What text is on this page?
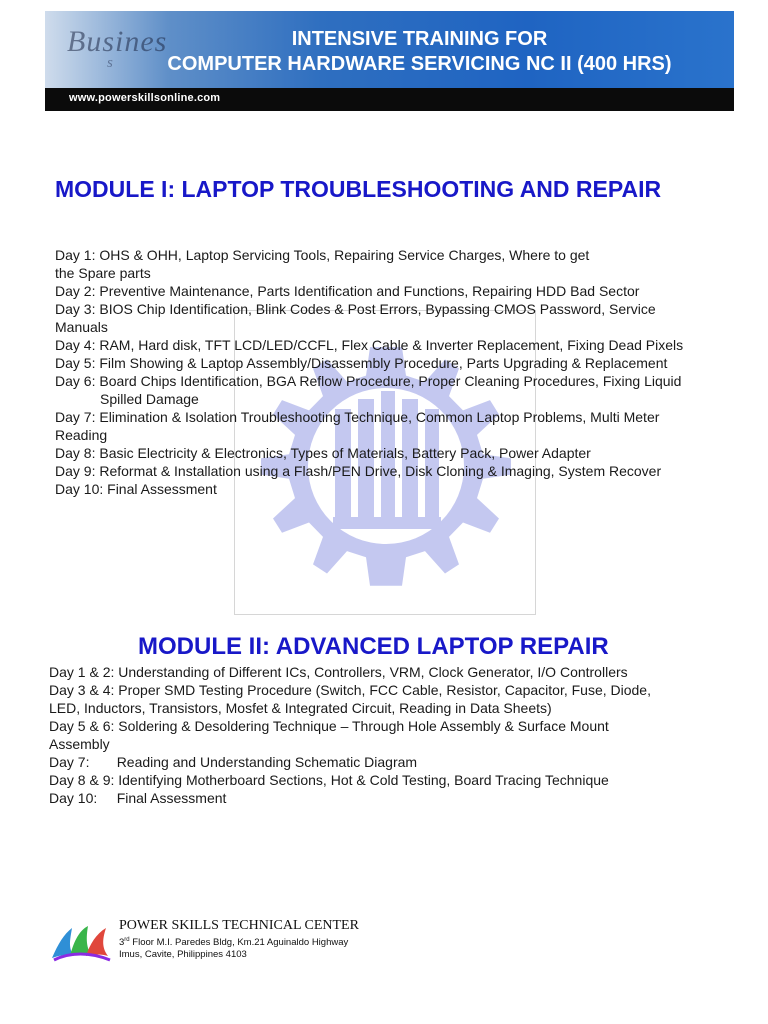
Busines
s
INTENSIVE TRAINING FOR
COMPUTER HARDWARE SERVICING NC II (400 HRS)
www.powerskillsonline.com
MODULE I: LAPTOP TROUBLESHOOTING AND REPAIR
Day 1: OHS & OHH, Laptop Servicing Tools, Repairing Service Charges, Where to get
the Spare parts
Day 2: Preventive Maintenance, Parts Identification and Functions, Repairing HDD Bad Sector
Day 3: BIOS Chip Identification, Blink Codes & Post Errors, Bypassing CMOS Password, Service
Manuals
Day 4: RAM, Hard disk, TFT LCD/LED/CCFL, Flex Cable & Inverter Replacement, Fixing Dead Pixels
Day 5: Film Showing & Laptop Assembly/Disassembly Procedure, Parts Upgrading & Replacement
Day 6: Board Chips Identification, BGA Reflow Procedure, Proper Cleaning Procedures, Fixing Liquid
Spilled Damage
Day 7: Elimination & Isolation Troubleshooting Technique, Common Laptop Problems, Multi Meter
Reading
Day 8: Basic Electricity & Electronics, Types of Materials, Battery Pack, Power Adapter
Day 9: Reformat & Installation using a Flash/PEN Drive, Disk Cloning & Imaging, System Recover
Day 10: Final Assessment
MODULE II: ADVANCED LAPTOP REPAIR
Day 1 & 2: Understanding of Different ICs, Controllers, VRM, Clock Generator, I/O Controllers
Day 3 & 4: Proper SMD Testing Procedure (Switch, FCC Cable, Resistor, Capacitor, Fuse, Diode,
LED, Inductors, Transistors, Mosfet & Integrated Circuit, Reading in Data Sheets)
Day 5 & 6: Soldering & Desoldering Technique – Through Hole Assembly & Surface Mount
Assembly
Day 7:       Reading and Understanding Schematic Diagram
Day 8 & 9: Identifying Motherboard Sections, Hot & Cold Testing, Board Tracing Technique
Day 10:     Final Assessment
POWER SKILLS TECHNICAL CENTER
3rd Floor M.I. Paredes Bldg, Km.21 Aguinaldo Highway
Imus, Cavite, Philippines 4103
